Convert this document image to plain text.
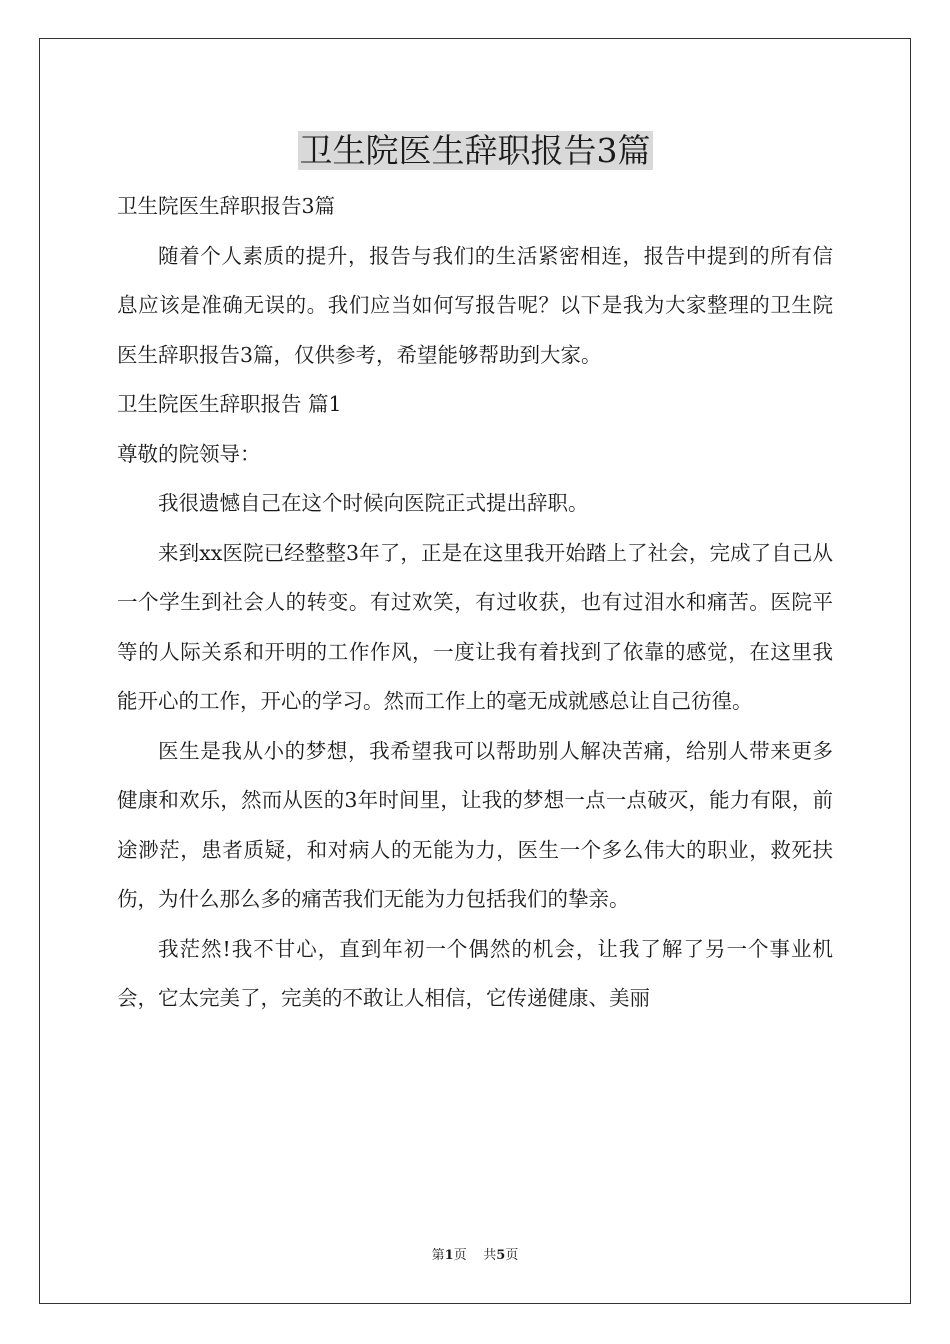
卫生院医生辞职报告3篇

卫生院医生辞职报告3篇

随着个人素质的提升，报告与我们的生活紧密相连，报告中提到的所有信息应该是准确无误的。我们应当如何写报告呢？以下是我为大家整理的卫生院医生辞职报告3篇，仅供参考，希望能够帮助到大家。

卫生院医生辞职报告 篇1

尊敬的院领导：

我很遗憾自己在这个时候向医院正式提出辞职。

来到xx医院已经整整3年了，正是在这里我开始踏上了社会，完成了自己从一个学生到社会人的转变。有过欢笑，有过收获，也有过泪水和痛苦。医院平等的人际关系和开明的工作作风，一度让我有着找到了依靠的感觉，在这里我能开心的工作，开心的学习。然而工作上的毫无成就感总让自己彷徨。

医生是我从小的梦想，我希望我可以帮助别人解决苦痛，给别人带来更多健康和欢乐，然而从医的3年时间里，让我的梦想一点一点破灭，能力有限，前途渺茫，患者质疑，和对病人的无能为力，医生一个多么伟大的职业，救死扶伤，为什么那么多的痛苦我们无能为力包括我们的挚亲。

我茫然!我不甘心，直到年初一个偶然的机会，让我了解了另一个事业机会，它太完美了，完美的不敢让人相信，它传递健康、美丽

第1页 共5页
